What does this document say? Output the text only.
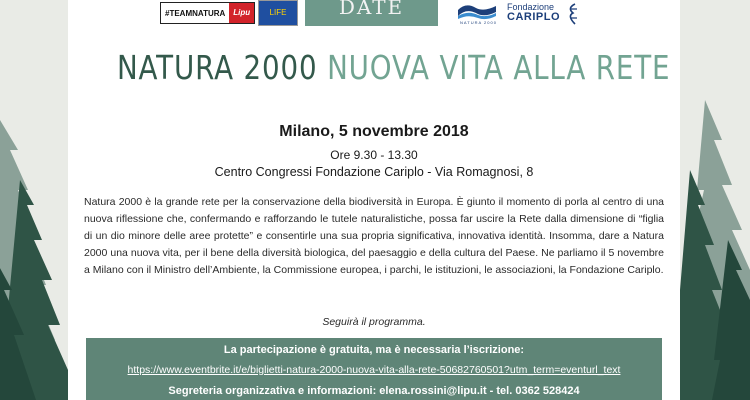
#TEAMNATURA	Lipu	LIFE	DATE
NATURA 2000
Fondazione
CARIPLO
NATURA 2000 NUOVA VITA ALLA RETE
Milano, 5 novembre 2018
Ore 9.30 - 13.30
Centro Congressi Fondazione Cariplo - Via Romagnosi, 8
Natura 2000 è la grande rete per la conservazione della biodiversità in Europa. È giunto il momento di porla al centro di una nuova riflessione che, confermando e rafforzando le tutele naturalistiche, possa far uscire la Rete dalla dimensione di “figlia di un dio minore delle aree protette” e consentirle una sua propria significativa, innovativa identità. Insomma, dare a Natura 2000 una nuova vita, per il bene della diversità biologica, del paesaggio e della cultura del Paese. Ne parliamo il 5 novembre a Milano con il Ministro dell’Ambiente, la Commissione europea, i parchi, le istituzioni, le associazioni, la Fondazione Cariplo.
Seguirà il programma.
La partecipazione è gratuita, ma è necessaria l’iscrizione:
https://www.eventbrite.it/e/biglietti-natura-2000-nuova-vita-alla-rete-50682760501?utm_term=eventurl_text
Segreteria organizzativa e informazioni: elena.rossini@lipu.it - tel. 0362 528424
